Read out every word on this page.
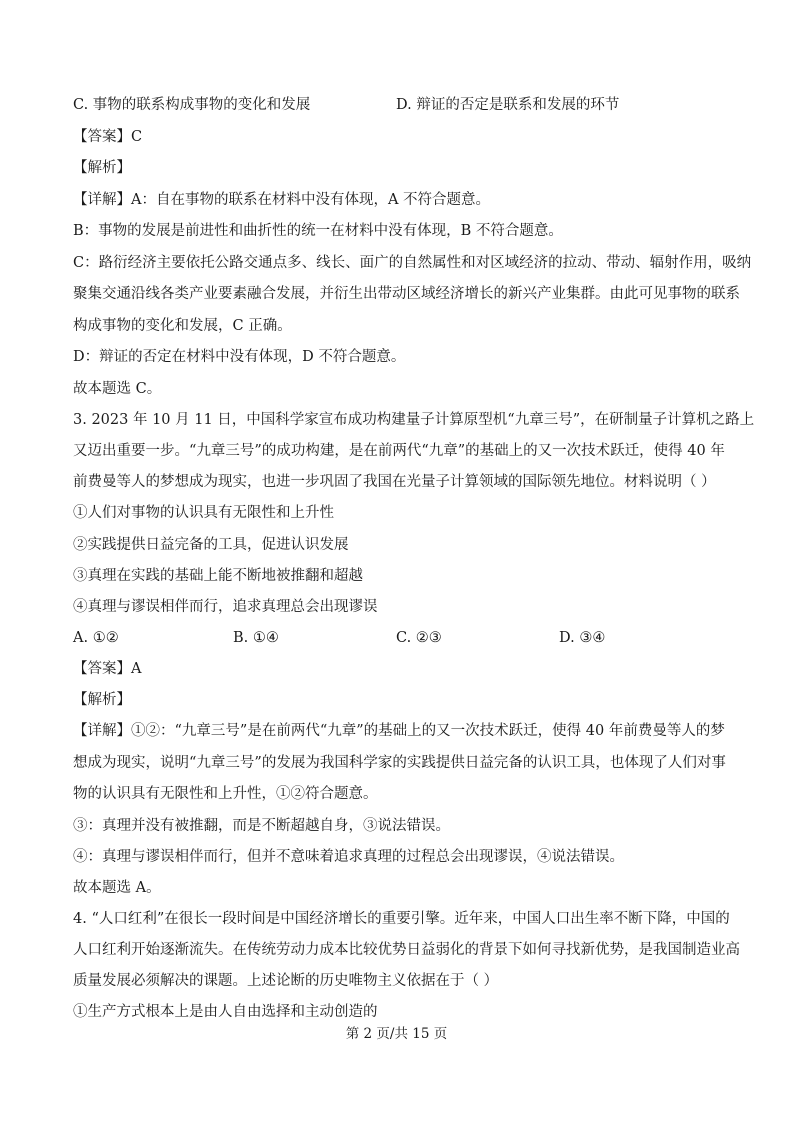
C. 事物的联系构成事物的变化和发展	D. 辩证的否定是联系和发展的环节
【答案】C
【解析】
【详解】A：自在事物的联系在材料中没有体现，A 不符合题意。
B：事物的发展是前进性和曲折性的统一在材料中没有体现，B 不符合题意。
C：路衍经济主要依托公路交通点多、线长、面广的自然属性和对区域经济的拉动、带动、辐射作用，吸纳
聚集交通沿线各类产业要素融合发展，并衍生出带动区域经济增长的新兴产业集群。由此可见事物的联系
构成事物的变化和发展，C 正确。
D：辩证的否定在材料中没有体现，D 不符合题意。
故本题选 C。
3. 2023 年 10 月 11 日，中国科学家宣布成功构建量子计算原型机“九章三号”，在研制量子计算机之路上
又迈出重要一步。“九章三号”的成功构建，是在前两代“九章”的基础上的又一次技术跃迁，使得 40 年
前费曼等人的梦想成为现实，也进一步巩固了我国在光量子计算领域的国际领先地位。材料说明（ ）
①人们对事物的认识具有无限性和上升性
②实践提供日益完备的工具，促进认识发展
③真理在实践的基础上能不断地被推翻和超越
④真理与谬误相伴而行，追求真理总会出现谬误
A. ①②	B. ①④	C. ②③	D. ③④
【答案】A
【解析】
【详解】①②：“九章三号”是在前两代“九章”的基础上的又一次技术跃迁，使得 40 年前费曼等人的梦
想成为现实，说明“九章三号”的发展为我国科学家的实践提供日益完备的认识工具，也体现了人们对事
物的认识具有无限性和上升性，①②符合题意。
③：真理并没有被推翻，而是不断超越自身，③说法错误。
④：真理与谬误相伴而行，但并不意味着追求真理的过程总会出现谬误，④说法错误。
故本题选 A。
4. “人口红利”在很长一段时间是中国经济增长的重要引擎。近年来，中国人口出生率不断下降，中国的
人口红利开始逐渐流失。在传统劳动力成本比较优势日益弱化的背景下如何寻找新优势，是我国制造业高
质量发展必须解决的课题。上述论断的历史唯物主义依据在于（ ）
①生产方式根本上是由人自由选择和主动创造的
第 2 页/共 15 页
